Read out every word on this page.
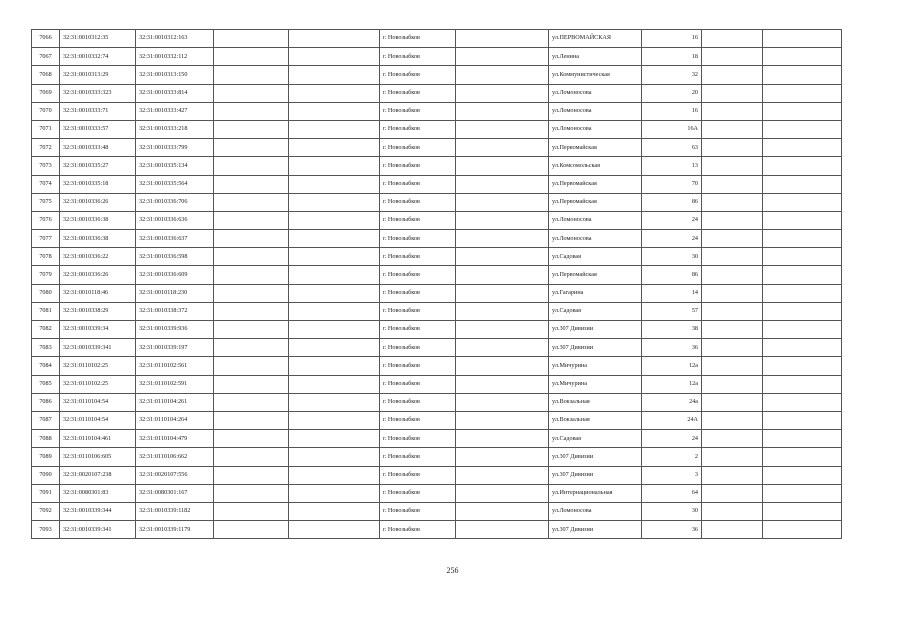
7066	32:31:0010312:35	32:31:0010312:163			г. Новозыбков		ул.ПЕРВОМАЙСКАЯ	16		
7067	32:31:0010332:74	32:31:0010332:112			г. Новозыбков		ул.Ленина	18		
7068	32:31:0010313:29	32:31:0010313:150			г. Новозыбков		ул.Коммунистическая	32		
7069	32:31:0010333:323	32:31:0010333:814			г. Новозыбков		ул.Ломоносова	20		
7070	32:31:0010333:71	32:31:0010333:427			г. Новозыбков		ул.Ломоносова	16		
7071	32:31:0010333:57	32:31:0010333:218			г. Новозыбков		ул.Ломоносова	16А		
7072	32:31:0010333:48	32:31:0010333:799			г. Новозыбков		ул.Первомайская	63		
7073	32:31:0010335:27	32:31:0010335:134			г. Новозыбков		ул.Комсомольская	13		
7074	32:31:0010335:18	32:31:0010335:564			г. Новозыбков		ул.Первомайская	70		
7075	32:31:0010336:26	32:31:0010336:706			г. Новозыбков		ул.Первомайская	86		
7076	32:31:0010336:38	32:31:0010336:636			г. Новозыбков		ул.Ломоносова	24		
7077	32:31:0010336:38	32:31:0010336:637			г. Новозыбков		ул.Ломоносова	24		
7078	32:31:0010336:22	32:31:0010336:598			г. Новозыбков		ул.Садовая	30		
7079	32:31:0010336:26	32:31:0010336:609			г. Новозыбков		ул.Первомайская	86		
7080	32:31:0010118:46	32:31:0010118:230			г. Новозыбков		ул.Гагарина	14		
7081	32:31:0010338:29	32:31:0010338:372			г. Новозыбков		ул.Садовая	57		
7082	32:31:0010339:34	32:31:0010339:936			г. Новозыбков		ул.307 Дивизии	38		
7083	32:31:0010339:341	32:31:0010339:197			г. Новозыбков		ул.307 Дивизии	36		
7084	32:31:0110102:25	32:31:0110102:561			г. Новозыбков		ул.Мичурина	12а		
7085	32:31:0110102:25	32:31:0110102:591			г. Новозыбков		ул.Мичурина	12а		
7086	32:31:0110104:54	32:31:0110104:261			г. Новозыбков		ул.Вокзальная	24а		
7087	32:31:0110104:54	32:31:0110104:264			г. Новозыбков		ул.Вокзальная	24А		
7088	32:31:0110104:461	32:31:0110104:479			г. Новозыбков		ул.Садовая	24		
7089	32:31:0110106:605	32:31:0110106:662			г. Новозыбков		ул.307 Дивизии	2		
7090	32:31:0020107:238	32:31:0020107:556			г. Новозыбков		ул.307 Дивизии	3		
7091	32:31:0080301:83	32:31:0080301:167			г. Новозыбков		ул.Интернациональная	64		
7092	32:31:0010339:344	32:31:0010339:1182			г. Новозыбков		ул.Ломоносова	30		
7093	32:31:0010339:341	32:31:0010339:1179			г. Новозыбков		ул.307 Дивизии	36		
256
